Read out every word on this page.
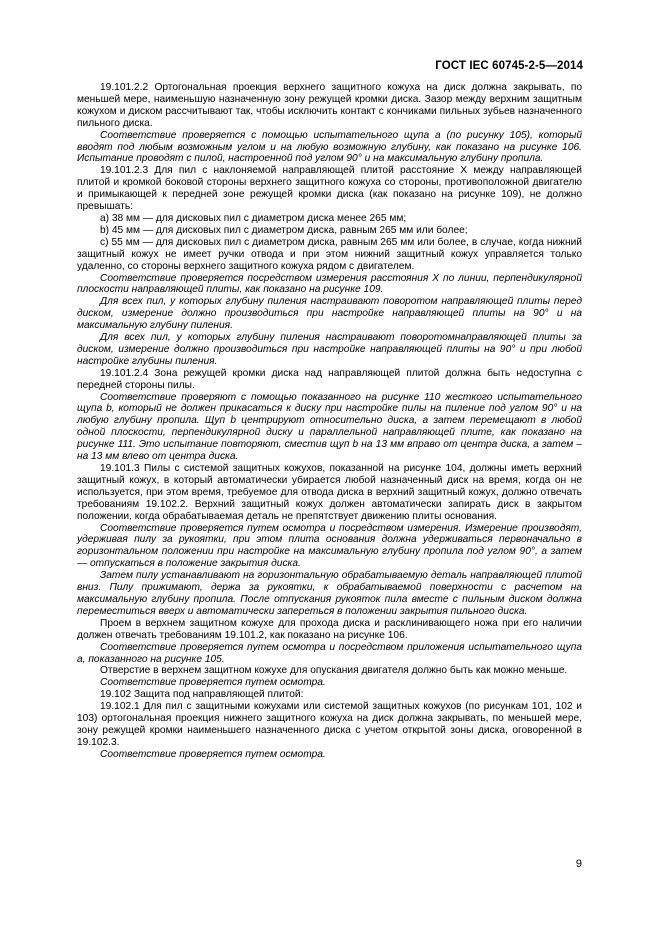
ГОСТ IEC 60745-2-5—2014

19.101.2.2 Ортогональная проекция верхнего защитного кожуха на диск должна закрывать, по меньшей мере, наименьшую назначенную зону режущей кромки диска. Зазор между верхним защитным кожухом и диском рассчитывают так, чтобы исключить контакт с кончиками пильных зубьев назначенного пильного диска.

Соответствие проверяется с помощью испытательного щупа a (по рисунку 105), который вводят под любым возможным углом и на любую возможную глубину, как показано на рисунке 106. Испытание проводят с пилой, настроенной под углом 90° и на максимальную глубину пропила.

19.101.2.3 Для пил с наклоняемой направляющей плитой расстояние X между направляющей плитой и кромкой боковой стороны верхнего защитного кожуха со стороны, противоположной двигателю и примыкающей к передней зоне режущей кромки диска (как показано на рисунке 109), не должно превышать:

a) 38 мм — для дисковых пил с диаметром диска менее 265 мм;

b) 45 мм — для дисковых пил с диаметром диска, равным 265 мм или более;

c) 55 мм — для дисковых пил с диаметром диска, равным 265 мм или более, в случае, когда нижний защитный кожух не имеет ручки отвода и при этом нижний защитный кожух управляется только удаленно, со стороны верхнего защитного кожуха рядом с двигателем.

Соответствие проверяется посредством измерения расстояния X по линии, перпендикулярной плоскости направляющей плиты, как показано на рисунке 109.

Для всех пил, у которых глубину пиления настраивают поворотом направляющей плиты перед диском, измерение должно производиться при настройке направляющей плиты на 90° и на максимальную глубину пиления.

Для всех пил, у которых глубину пиления настраивают поворотомнаправляющей плиты за диском, измерение должно производиться при настройке направляющей плиты на 90° и при любой настройке глубины пиления.

19.101.2.4 Зона режущей кромки диска над направляющей плитой должна быть недоступна с передней стороны пилы.

Соответствие проверяют с помощью показанного на рисунке 110 жесткого испытательного щупа b, который не должен прикасаться к диску при настройке пилы на пиление под углом 90° и на любую глубину пропила. Щуп b центрируют относительно диска, а затем перемещают в любой одной плоскости, перпендикулярной диску и параллельной направляющей плите, как показано на рисунке 111. Это испытание повторяют, сместив щуп b на 13 мм вправо от центра диска, а затем – на 13 мм влево от центра диска.

19.101.3 Пилы с системой защитных кожухов, показанной на рисунке 104, должны иметь верхний защитный кожух, в который автоматически убирается любой назначенный диск на время, когда он не используется, при этом время, требуемое для отвода диска в верхний защитный кожух, должно отвечать требованиям 19.102.2. Верхний защитный кожух должен автоматически запирать диск в закрытом положении, когда обрабатываемая деталь не препятствует движению плиты основания.

Соответствие проверяется путем осмотра и посредством измерения. Измерение производят, удерживая пилу за рукоятки, при этом плита основания должна удерживаться первоначально в горизонтальном положении при настройке на максимальную глубину пропила под углом 90°, а затем — отпускаться в положение закрытия диска.

Затем пилу устанавливают на горизонтальную обрабатываемую деталь направляющей плитой вниз. Пилу прижимают, держа за рукоятки, к обрабатываемой поверхности с расчетом на максимальную глубину пропила. После отпускания рукояток пила вместе с пильным диском должна переместиться вверх и автоматически запереться в положении закрытия пильного диска.

Проем в верхнем защитном кожухе для прохода диска и расклинивающего ножа при его наличии должен отвечать требованиям 19.101.2, как показано на рисунке 106.

Соответствие проверяется путем осмотра и посредством приложения испытательного щупа a, показанного на рисунке 105.

Отверстие в верхнем защитном кожухе для опускания двигателя должно быть как можно меньше.

Соответствие проверяется путем осмотра.

19.102 Защита под направляющей плитой:

19.102.1 Для пил с защитными кожухами или системой защитных кожухов (по рисункам 101, 102 и 103) ортогональная проекция нижнего защитного кожуха на диск должна закрывать, по меньшей мере, зону режущей кромки наименьшего назначенного диска с учетом открытой зоны диска, оговоренной в 19.102.3.

Соответствие проверяется путем осмотра.

9
